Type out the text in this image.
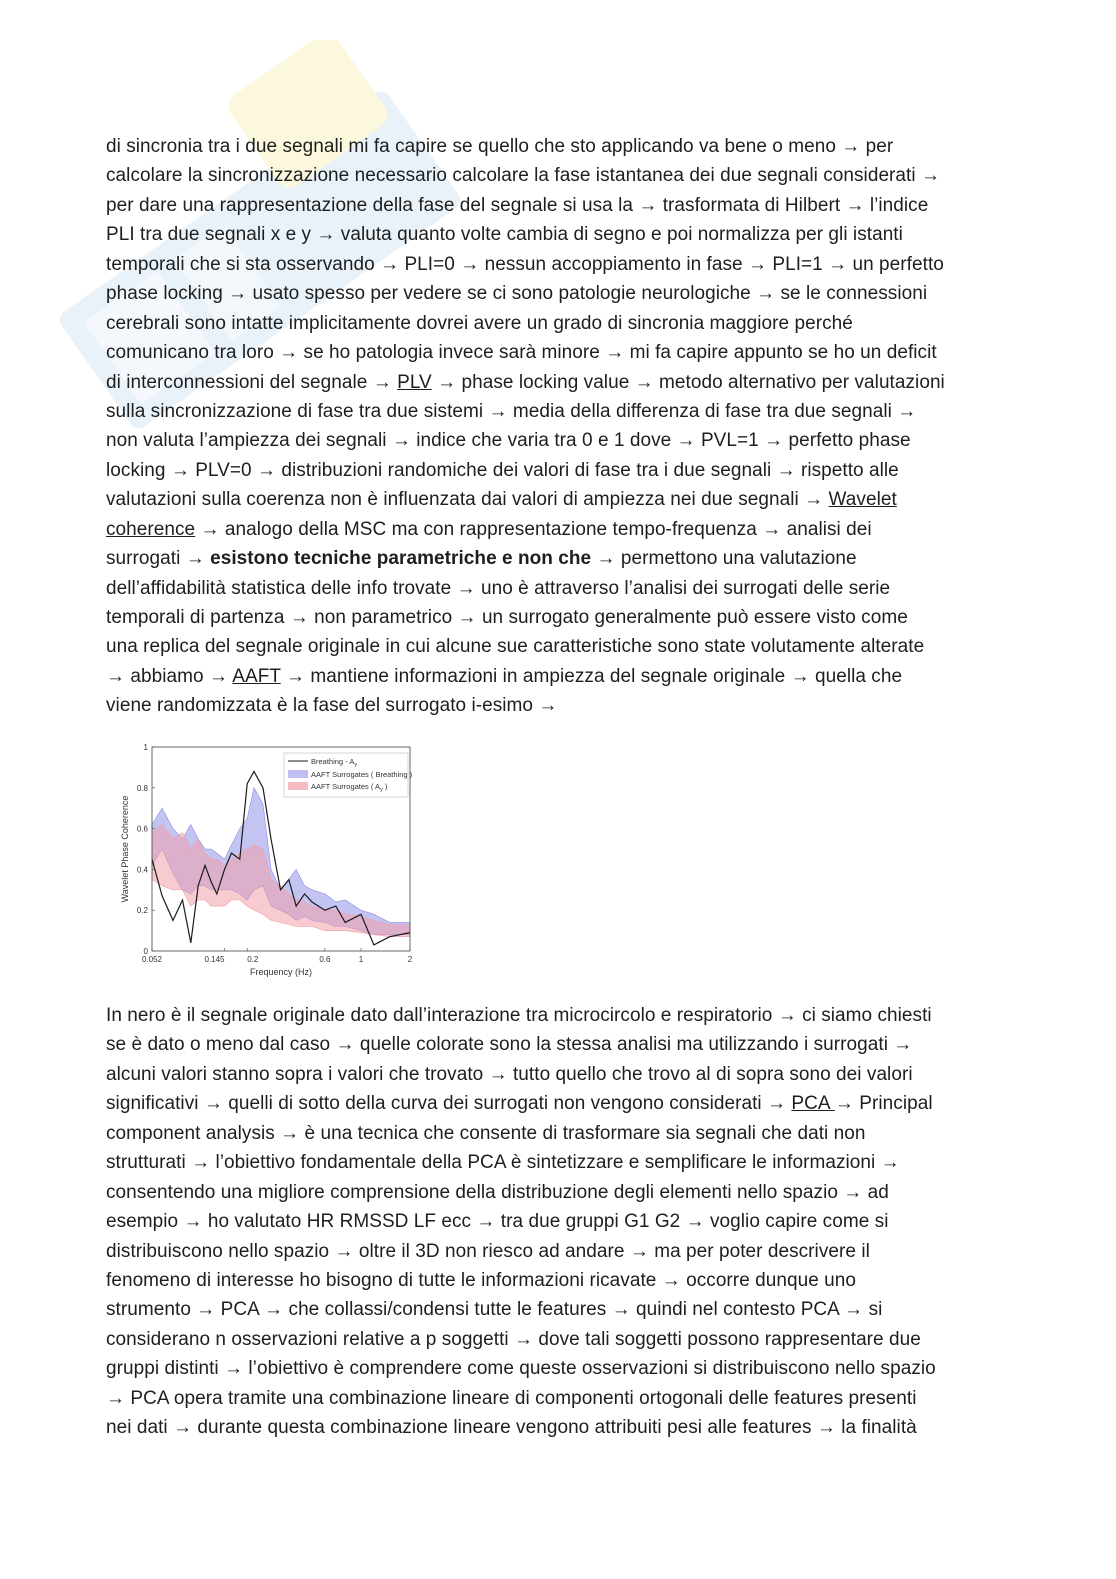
di sincronia tra i due segnali mi fa capire se quello che sto applicando va bene o meno → per
calcolare la sincronizzazione necessario calcolare la fase istantanea dei due segnali considerati →
per dare una rappresentazione della fase del segnale si usa la → trasformata di Hilbert → l’indice
PLI tra due segnali x e y → valuta quanto volte cambia di segno e poi normalizza per gli istanti
temporali che si sta osservando → PLI=0 → nessun accoppiamento in fase → PLI=1 → un perfetto
phase locking → usato spesso per vedere se ci sono patologie neurologiche → se le connessioni
cerebrali sono intatte implicitamente dovrei avere un grado di sincronia maggiore perché
comunicano tra loro → se ho patologia invece sarà minore → mi fa capire appunto se ho un deficit
di interconnessioni del segnale → PLV → phase locking value → metodo alternativo per valutazioni
sulla sincronizzazione di fase tra due sistemi → media della differenza di fase tra due segnali →
non valuta l’ampiezza dei segnali → indice che varia tra 0 e 1 dove → PVL=1 → perfetto phase
locking → PLV=0 → distribuzioni randomiche dei valori di fase tra i due segnali → rispetto alle
valutazioni sulla coerenza non è influenzata dai valori di ampiezza nei due segnali → Wavelet
coherence → analogo della MSC ma con rappresentazione tempo-frequenza → analisi dei
surrogati → esistono tecniche parametriche e non che → permettono una valutazione
dell’affidabilità statistica delle info trovate → uno è attraverso l’analisi dei surrogati delle serie
temporali di partenza → non parametrico → un surrogato generalmente può essere visto come
una replica del segnale originale in cui alcune sue caratteristiche sono state volutamente alterate
→ abbiamo → AAFT → mantiene informazioni in ampiezza del segnale originale → quella che
viene randomizzata è la fase del surrogato i-esimo →
0
0.2
0.4
0.6
0.8
1
0.052	0.145	0.2	0.6	1	2
Frequency (Hz)
Wavelet Phase Coherence
Breathing - $A_y$
AAFT Surrogates ( Breathing )
AAFT Surrogates ( $A_y$ )
In nero è il segnale originale dato dall’interazione tra microcircolo e respiratorio → ci siamo chiesti
se è dato o meno dal caso → quelle colorate sono la stessa analisi ma utilizzando i surrogati →
alcuni valori stanno sopra i valori che trovato → tutto quello che trovo al di sopra sono dei valori
significativi → quelli di sotto della curva dei surrogati non vengono considerati → PCA → Principal
component analysis → è una tecnica che consente di trasformare sia segnali che dati non
strutturati → l’obiettivo fondamentale della PCA è sintetizzare e semplificare le informazioni →
consentendo una migliore comprensione della distribuzione degli elementi nello spazio → ad
esempio → ho valutato HR RMSSD LF ecc → tra due gruppi G1 G2 → voglio capire come si
distribuiscono nello spazio → oltre il 3D non riesco ad andare → ma per poter descrivere il
fenomeno di interesse ho bisogno di tutte le informazioni ricavate → occorre dunque uno
strumento → PCA → che collassi/condensi tutte le features → quindi nel contesto PCA → si
considerano n osservazioni relative a p soggetti → dove tali soggetti possono rappresentare due
gruppi distinti → l’obiettivo è comprendere come queste osservazioni si distribuiscono nello spazio
→ PCA opera tramite una combinazione lineare di componenti ortogonali delle features presenti
nei dati → durante questa combinazione lineare vengono attribuiti pesi alle features → la finalità
